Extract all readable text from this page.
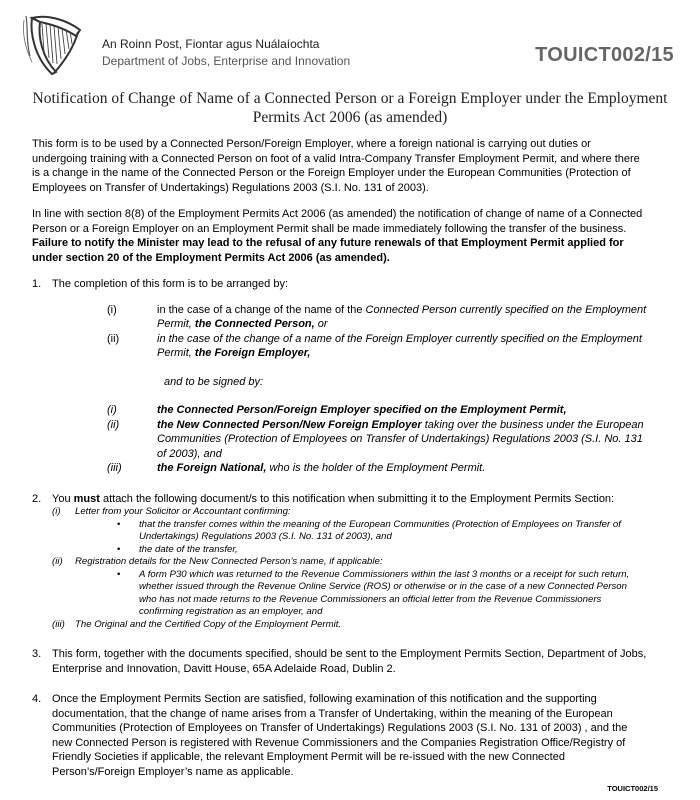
An Roinn Post, Fiontar agus Nuálaíochta
Department of Jobs, Enterprise and Innovation	TOUICT002/15
Notification of Change of Name of a Connected Person or a Foreign Employer under the Employment Permits Act 2006 (as amended)

This form is to be used by a Connected Person/Foreign Employer, where a foreign national is carrying out duties or undergoing training with a Connected Person on foot of a valid Intra-Company Transfer Employment Permit, and where there is a change in the name of the Connected Person or the Foreign Employer under the European Communities (Protection of Employees on Transfer of Undertakings) Regulations 2003 (S.I. No. 131 of 2003).

In line with section 8(8) of the Employment Permits Act 2006 (as amended) the notification of change of name of a Connected Person or a Foreign Employer on an Employment Permit shall be made immediately following the transfer of the business. Failure to notify the Minister may lead to the refusal of any future renewals of that Employment Permit applied for under section 20 of the Employment Permits Act 2006 (as amended).

1. The completion of this form is to be arranged by:
(i)	in the case of a change of the name of the Connected Person currently specified on the Employment Permit, the Connected Person, or
(ii)	in the case of the change of a name of the Foreign Employer currently specified on the Employment Permit, the Foreign Employer,
and to be signed by:
(i)	the Connected Person/Foreign Employer specified on the Employment Permit,
(ii)	the New Connected Person/New Foreign Employer taking over the business under the European Communities (Protection of Employees on Transfer of Undertakings) Regulations 2003 (S.I. No. 131 of 2003), and
(iii)	the Foreign National, who is the holder of the Employment Permit.
2. You must attach the following document/s to this notification when submitting it to the Employment Permits Section:
(i)	Letter from your Solicitor or Accountant confirming:
•	that the transfer comes within the meaning of the European Communities (Protection of Employees on Transfer of Undertakings) Regulations 2003 (S.I. No. 131 of 2003), and
•	the date of the transfer,
(ii)	Registration details for the New Connected Person’s name, if applicable:
•	A form P30 which was returned to the Revenue Commissioners within the last 3 months or a receipt for such return, whether issued through the Revenue Online Service (ROS) or otherwise or in the case of a new Connected Person who has not made returns to the Revenue Commissioners an official letter from the Revenue Commissioners confirming registration as an employer, and
(iii)	The Original and the Certified Copy of the Employment Permit.
3. This form, together with the documents specified, should be sent to the Employment Permits Section, Department of Jobs, Enterprise and Innovation, Davitt House, 65A Adelaide Road, Dublin 2.
4. Once the Employment Permits Section are satisfied, following examination of this notification and the supporting documentation, that the change of name arises from a Transfer of Undertaking, within the meaning of the European Communities (Protection of Employees on Transfer of Undertakings) Regulations 2003 (S.I. No. 131 of 2003) , and the new Connected Person is registered with Revenue Commissioners and the Companies Registration Office/Registry of Friendly Societies if applicable, the relevant Employment Permit will be re-issued with the new Connected Person’s/Foreign Employer’s name as applicable.
TOUICT002/15
